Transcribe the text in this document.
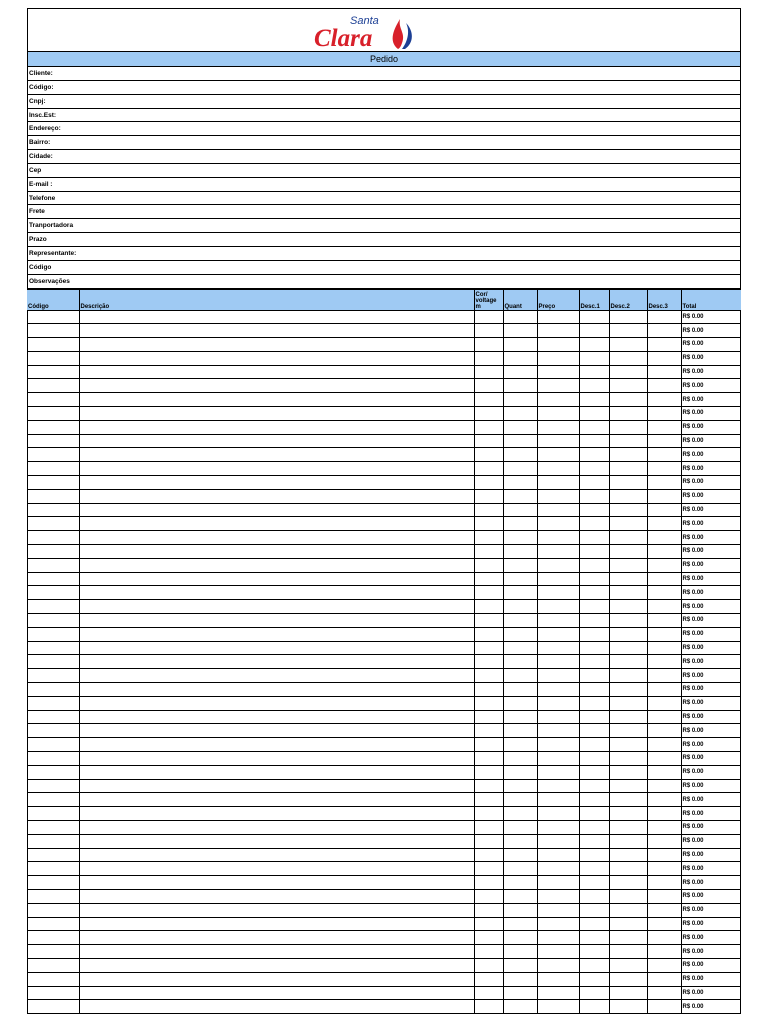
Santa
Clara
Pedido
Cliente:
Código:
Cnpj:
Insc.Est:
Endereço:
Bairro:
Cidade:
Cep
E-mail :
Telefone
Frete
Tranportadora
Prazo
Representante:
Código
Observações
Código	Descrição	Cor/ voltage m	Quant	Preço	Desc.1	Desc.2	Desc.3	Total
								R$ 0.00
								R$ 0.00
								R$ 0.00
								R$ 0.00
								R$ 0.00
								R$ 0.00
								R$ 0.00
								R$ 0.00
								R$ 0.00
								R$ 0.00
								R$ 0.00
								R$ 0.00
								R$ 0.00
								R$ 0.00
								R$ 0.00
								R$ 0.00
								R$ 0.00
								R$ 0.00
								R$ 0.00
								R$ 0.00
								R$ 0.00
								R$ 0.00
								R$ 0.00
								R$ 0.00
								R$ 0.00
								R$ 0.00
								R$ 0.00
								R$ 0.00
								R$ 0.00
								R$ 0.00
								R$ 0.00
								R$ 0.00
								R$ 0.00
								R$ 0.00
								R$ 0.00
								R$ 0.00
								R$ 0.00
								R$ 0.00
								R$ 0.00
								R$ 0.00
								R$ 0.00
								R$ 0.00
								R$ 0.00
								R$ 0.00
								R$ 0.00
								R$ 0.00
								R$ 0.00
								R$ 0.00
								R$ 0.00
								R$ 0.00
								R$ 0.00
